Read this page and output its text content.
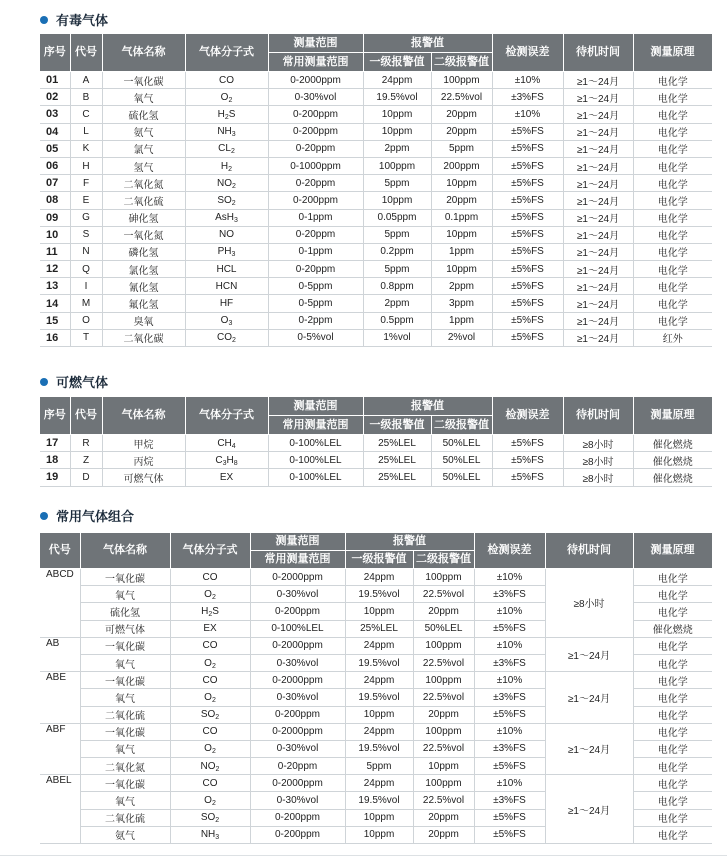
有毒气体
序号	代号	气体名称	气体分子式	测量范围	报警值		检测误差	待机时间	测量原理
				常用测量范围	一级报警值	二级报警值			
01	A	一氧化碳	CO	0-2000ppm	24ppm	100ppm	±10%	≥1～24月	电化学
02	B	氧气	$O_2$	0-30%vol	19.5%vol	22.5%vol	±3%FS	≥1～24月	电化学
03	C	硫化氢	$H_2S$	0-200ppm	10ppm	20ppm	±10%	≥1～24月	电化学
04	L	氨气	$NH_3$	0-200ppm	10ppm	20ppm	±5%FS	≥1～24月	电化学
05	K	氯气	$CL_2$	0-20ppm	2ppm	5ppm	±5%FS	≥1～24月	电化学
06	H	氢气	$H_2$	0-1000ppm	100ppm	200ppm	±5%FS	≥1～24月	电化学
07	F	二氧化氮	$NO_2$	0-20ppm	5ppm	10ppm	±5%FS	≥1～24月	电化学
08	E	二氧化硫	$SO_2$	0-200ppm	10ppm	20ppm	±5%FS	≥1～24月	电化学
09	G	砷化氢	AsH$_3$	0-1ppm	0.05ppm	0.1ppm	±5%FS	≥1～24月	电化学
10	S	一氧化氮	NO	0-20ppm	5ppm	10ppm	±5%FS	≥1～24月	电化学
11	N	磷化氢	$PH_3$	0-1ppm	0.2ppm	1ppm	±5%FS	≥1～24月	电化学
12	Q	氯化氢	HCL	0-20ppm	5ppm	10ppm	±5%FS	≥1～24月	电化学
13	I	氰化氢	HCN	0-5ppm	0.8ppm	2ppm	±5%FS	≥1～24月	电化学
14	M	氟化氢	HF	0-5ppm	2ppm	3ppm	±5%FS	≥1～24月	电化学
15	O	臭氧	$O_3$	0-2ppm	0.5ppm	1ppm	±5%FS	≥1～24月	电化学
16	T	二氧化碳	$CO_2$	0-5%vol	1%vol	2%vol	±5%FS	≥1～24月	红外
可燃气体
序号	代号	气体名称	气体分子式	测量范围	报警值		检测误差	待机时间	测量原理
				常用测量范围	一级报警值	二级报警值			
17	R	甲烷	$CH_4$	0-100%LEL	25%LEL	50%LEL	±5%FS	≥8小时	催化燃烧
18	Z	丙烷	$C_3H_8$	0-100%LEL	25%LEL	50%LEL	±5%FS	≥8小时	催化燃烧
19	D	可燃气体	EX	0-100%LEL	25%LEL	50%LEL	±5%FS	≥8小时	催化燃烧
常用气体组合
代号	气体名称	气体分子式	测量范围	报警值		检测误差	待机时间	测量原理
			常用测量范围	一级报警值	二级报警值			
ABCD	一氧化碳	CO	0-2000ppm	24ppm	100ppm	±10%	≥8小时	电化学
	氧气	$O_2$	0-30%vol	19.5%vol	22.5%vol	±3%FS		电化学
	硫化氢	$H_2S$	0-200ppm	10ppm	20ppm	±10%		电化学
	可燃气体	EX	0-100%LEL	25%LEL	50%LEL	±5%FS		催化燃烧
AB	一氧化碳	CO	0-2000ppm	24ppm	100ppm	±10%	≥1～24月	电化学
	氧气	$O_2$	0-30%vol	19.5%vol	22.5%vol	±3%FS		电化学
ABE	一氧化碳	CO	0-2000ppm	24ppm	100ppm	±10%	≥1～24月	电化学
	氧气	$O_2$	0-30%vol	19.5%vol	22.5%vol	±3%FS		电化学
	二氧化硫	$SO_2$	0-200ppm	10ppm	20ppm	±5%FS		电化学
ABF	一氧化碳	CO	0-2000ppm	24ppm	100ppm	±10%	≥1～24月	电化学
	氧气	$O_2$	0-30%vol	19.5%vol	22.5%vol	±3%FS		电化学
	二氧化氮	$NO_2$	0-20ppm	5ppm	10ppm	±5%FS		电化学
ABEL	一氧化碳	CO	0-2000ppm	24ppm	100ppm	±10%	≥1～24月	电化学
	氧气	$O_2$	0-30%vol	19.5%vol	22.5%vol	±3%FS		电化学
	二氧化硫	$SO_2$	0-200ppm	10ppm	20ppm	±5%FS		电化学
	氨气	$NH_3$	0-200ppm	10ppm	20ppm	±5%FS		电化学
